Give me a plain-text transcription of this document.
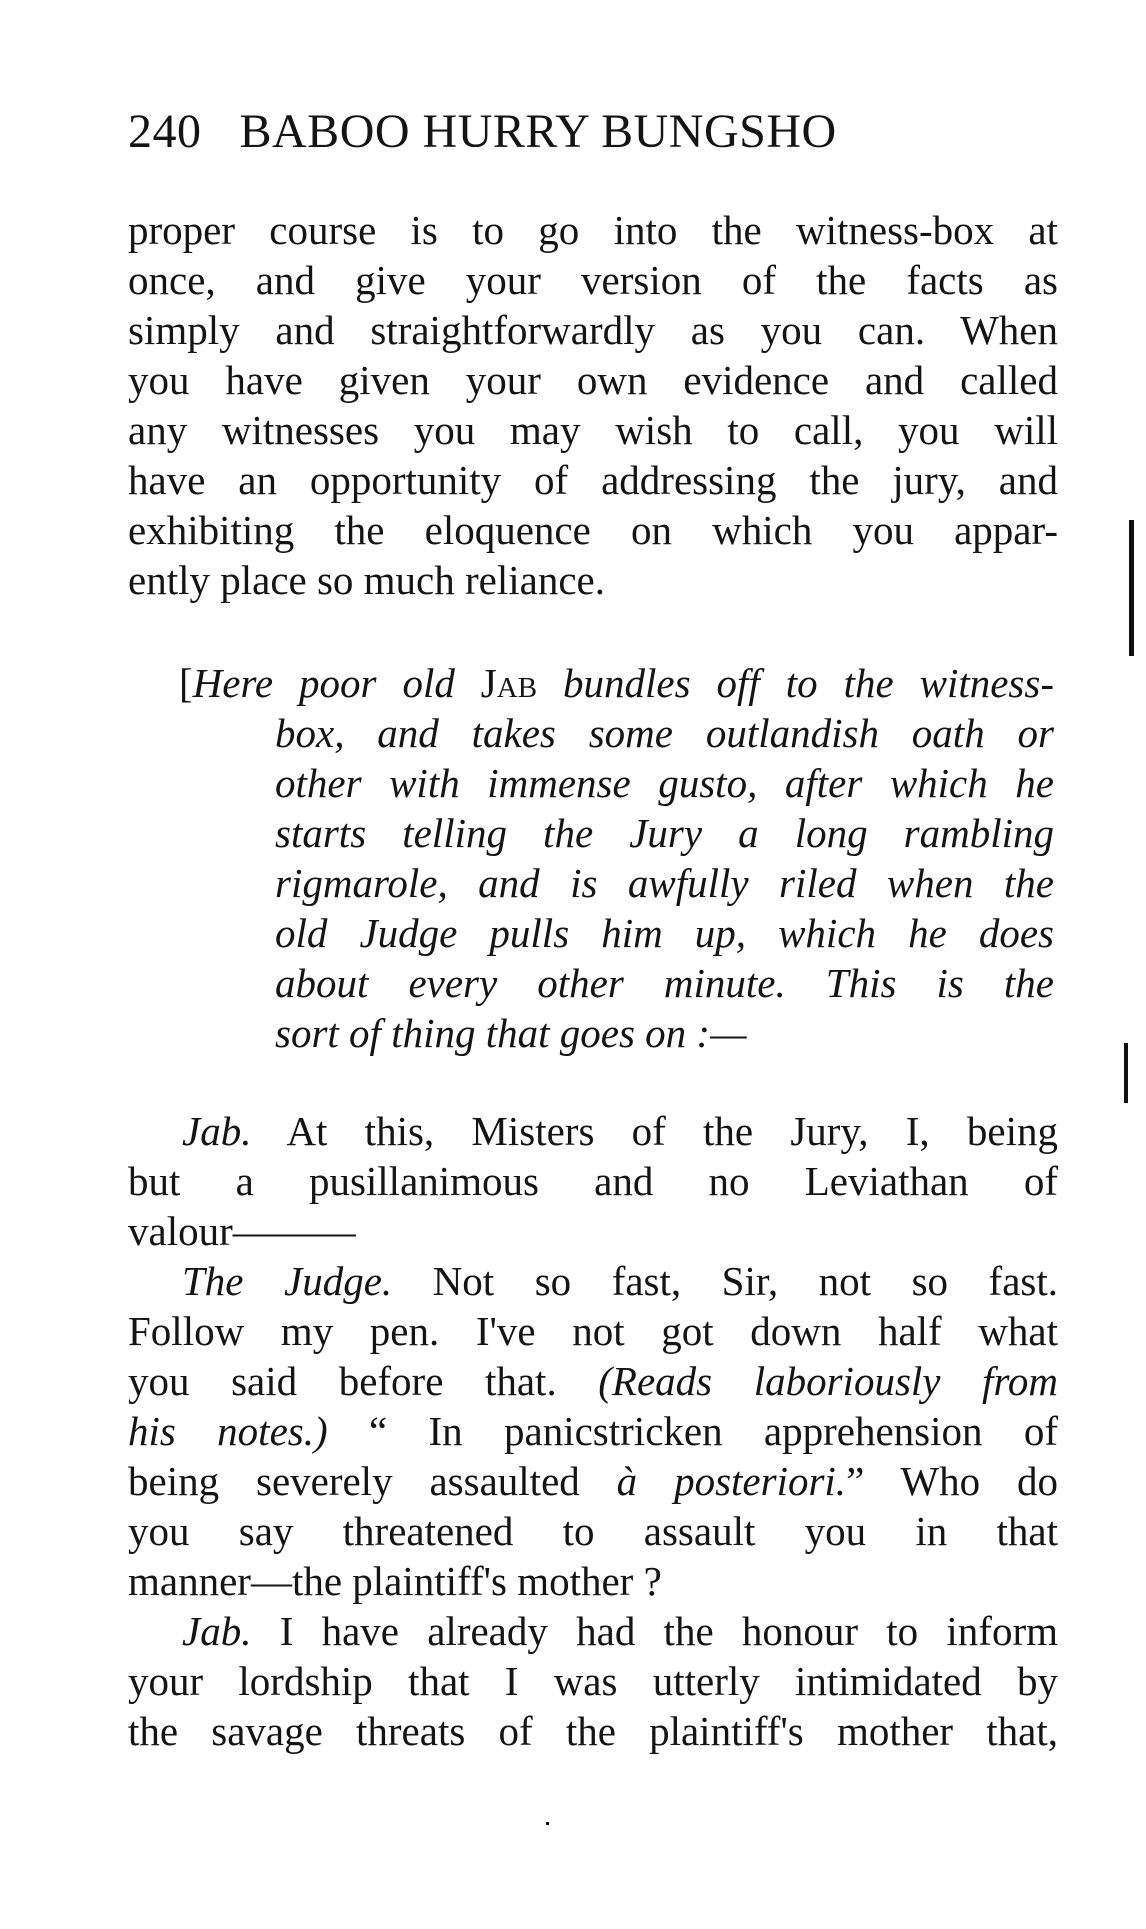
240 BABOO HURRY BUNGSHO
proper course is to go into the witness-box at
once, and give your version of the facts as
simply and straightforwardly as you can. When
you have given your own evidence and called
any witnesses you may wish to call, you will
have an opportunity of addressing the jury, and
exhibiting the eloquence on which you appar-
ently place so much reliance.
[Here poor old Jab bundles off to the witness-
box, and takes some outlandish oath or
other with immense gusto, after which he
starts telling the Jury a long rambling
rigmarole, and is awfully riled when the
old Judge pulls him up, which he does
about every other minute. This is the
sort of thing that goes on :—
Jab. At this, Misters of the Jury, I, being
but a pusillanimous and no Leviathan of
valour———
The Judge. Not so fast, Sir, not so fast.
Follow my pen. I've not got down half what
you said before that. (Reads laboriously from
his notes.) “ In panicstricken apprehension of
being severely assaulted à posteriori.” Who do
you say threatened to assault you in that
manner—the plaintiff's mother ?
Jab. I have already had the honour to inform
your lordship that I was utterly intimidated by
the savage threats of the plaintiff's mother that,
